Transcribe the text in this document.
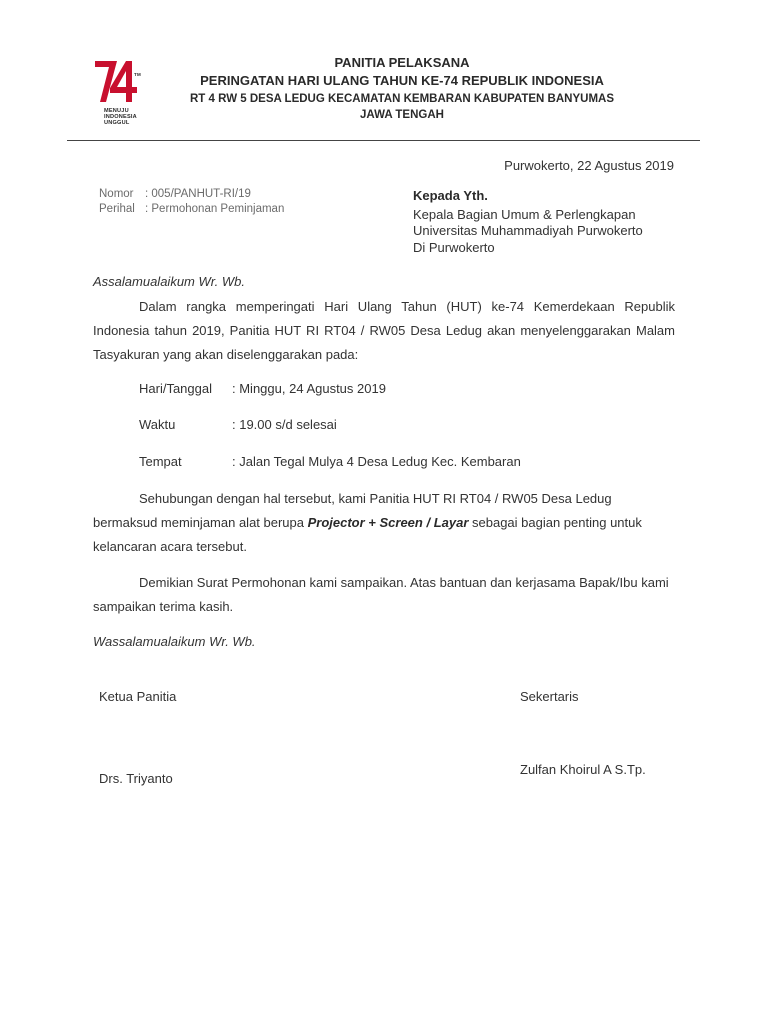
TM
MENUJU
INDONESIA
UNGGUL
PANITIA PELAKSANA
PERINGATAN HARI ULANG TAHUN KE-74 REPUBLIK INDONESIA
RT 4 RW 5 DESA LEDUG KECAMATAN KEMBARAN KABUPATEN BANYUMAS
JAWA TENGAH
Purwokerto, 22 Agustus 2019
Nomor : 005/PANHUT-RI/19
Perihal : Permohonan Peminjaman
Kepada Yth.
Kepala Bagian Umum & Perlengkapan
Universitas Muhammadiyah Purwokerto
Di Purwokerto
Assalamualaikum Wr. Wb.
Dalam rangka memperingati Hari Ulang Tahun (HUT) ke-74 Kemerdekaan Republik Indonesia tahun 2019, Panitia HUT RI RT04 / RW05 Desa Ledug akan menyelenggarakan Malam Tasyakuran yang akan diselenggarakan pada:
Hari/Tanggal : Minggu, 24 Agustus 2019
Waktu	: 19.00 s/d selesai
Tempat	: Jalan Tegal Mulya 4 Desa Ledug Kec. Kembaran
Sehubungan dengan hal tersebut, kami Panitia HUT RI RT04 / RW05 Desa Ledug bermaksud meminjaman alat berupa Projector + Screen / Layar sebagai bagian penting untuk kelancaran acara tersebut.
Demikian Surat Permohonan kami sampaikan. Atas bantuan dan kerjasama Bapak/Ibu kami sampaikan terima kasih.
Wassalamualaikum Wr. Wb.
Ketua Panitia	Sekertaris
Drs. Triyanto
Zulfan Khoirul A S.Tp.
